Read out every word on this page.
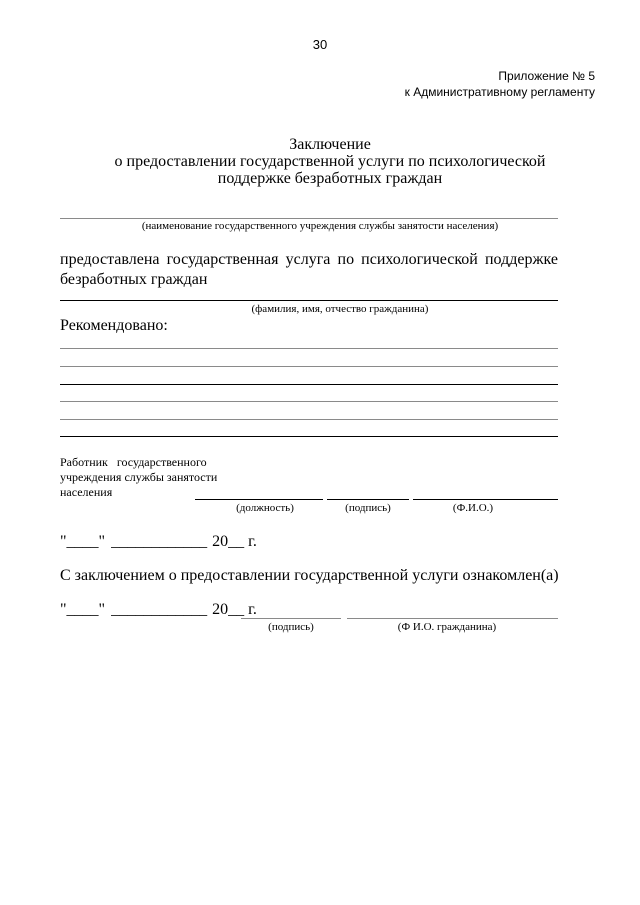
30
Приложение № 5
к Административному регламенту
Заключение
о предоставлении государственной услуги по психологической
поддержке безработных граждан
(наименование государственного учреждения службы занятости населения)
предоставлена государственная услуга по психологической поддержке безработных граждан
(фамилия, имя, отчество гражданина)
Рекомендовано:
Работник государственного
учреждения службы занятости
населения
(должность)	(подпись)	(Ф.И.О.)
"____" ____________ 20__ г.
С заключением о предоставлении государственной услуги ознакомлен(а)
"____" ____________ 20__ г.
(подпись)	(Ф И.О. гражданина)
